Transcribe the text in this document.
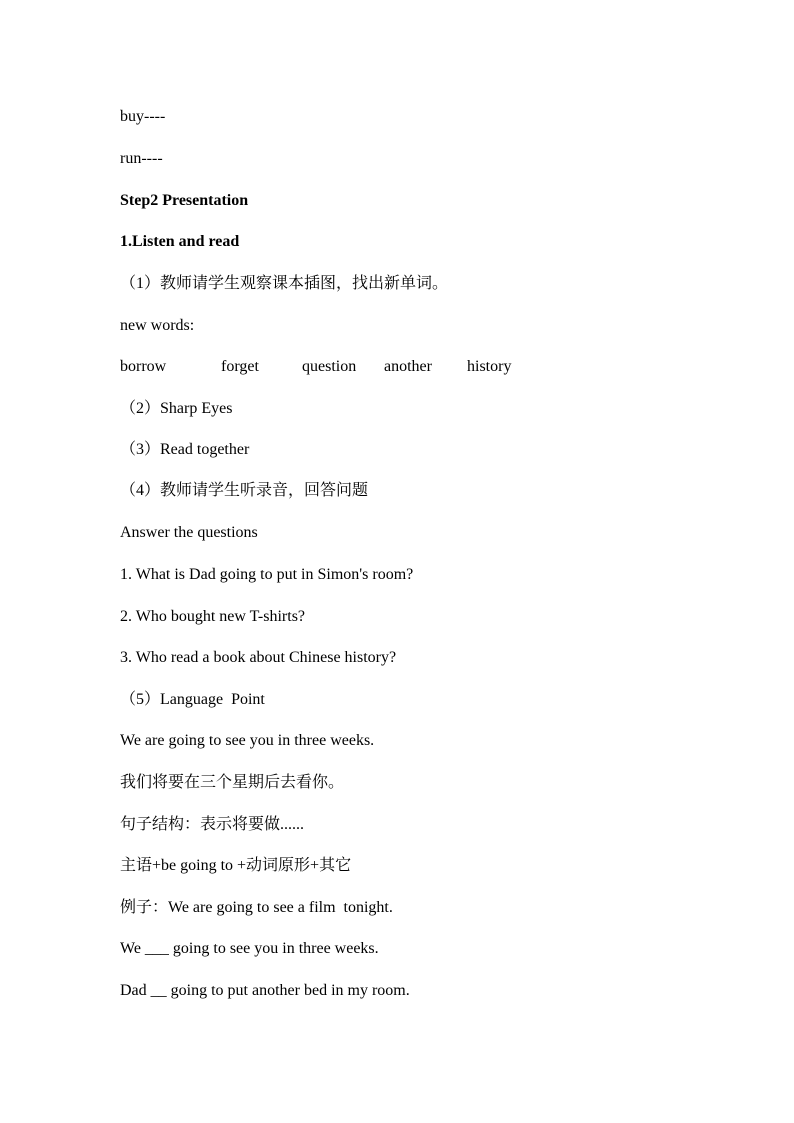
buy----
run----
Step2 Presentation
1.Listen and read
（1）教师请学生观察课本插图，找出新单词。
new words:
borrow	forget	question another history
（2）Sharp Eyes
（3）Read together
（4）教师请学生听录音，回答问题
Answer the questions
1. What is Dad going to put in Simon's room?
2. Who bought new T-shirts?
3. Who read a book about Chinese history?
（5）Language  Point
We are going to see you in three weeks.
我们将要在三个星期后去看你。
句子结构：表示将要做......
主语+be going to +动词原形+其它
例子：We are going to see a film  tonight.
We ___ going to see you in three weeks.
Dad __ going to put another bed in my room.
